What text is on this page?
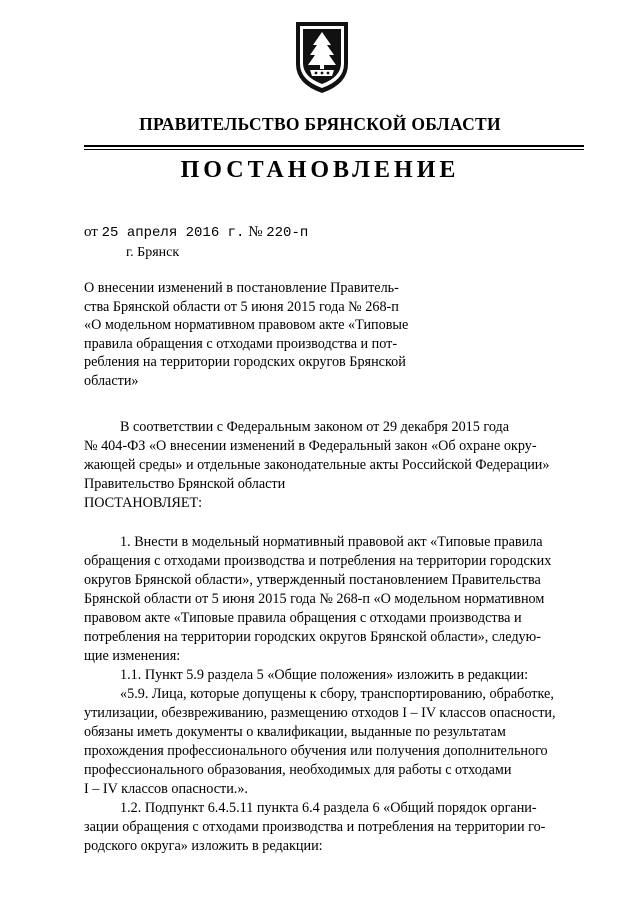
ПРАВИТЕЛЬСТВО БРЯНСКОЙ ОБЛАСТИ
ПОСТАНОВЛЕНИЕ
от 25 апреля 2016 г. № 220-п
г. Брянск
О внесении изменений в постановление Правитель-
ства Брянской области от 5 июня 2015 года № 268-п
«О модельном нормативном правовом акте «Типовые
правила обращения с отходами производства и пот-
ребления на территории городских округов Брянской
области»
В соответствии с Федеральным законом от 29 декабря 2015 года
№ 404-ФЗ «О внесении изменений в Федеральный закон «Об охране окру-
жающей среды» и отдельные законодательные акты Российской Федерации»
Правительство Брянской области
ПОСТАНОВЛЯЕТ:
1. Внести в модельный нормативный правовой акт «Типовые правила
обращения с отходами производства и потребления на территории городских
округов Брянской области», утвержденный постановлением Правительства
Брянской области от 5 июня 2015 года № 268-п «О модельном нормативном
правовом акте «Типовые правила обращения с отходами производства и
потребления на территории городских округов Брянской области», следую-
щие изменения:
1.1. Пункт 5.9 раздела 5 «Общие положения» изложить в редакции:
«5.9. Лица, которые допущены к сбору, транспортированию, обработке,
утилизации, обезвреживанию, размещению отходов I – IV классов опасности,
обязаны иметь документы о квалификации, выданные по результатам
прохождения профессионального обучения или получения дополнительного
профессионального образования, необходимых для работы с отходами
I – IV классов опасности.».
1.2. Подпункт 6.4.5.11 пункта 6.4 раздела 6 «Общий порядок органи-
зации обращения с отходами производства и потребления на территории го-
родского округа» изложить в редакции:
